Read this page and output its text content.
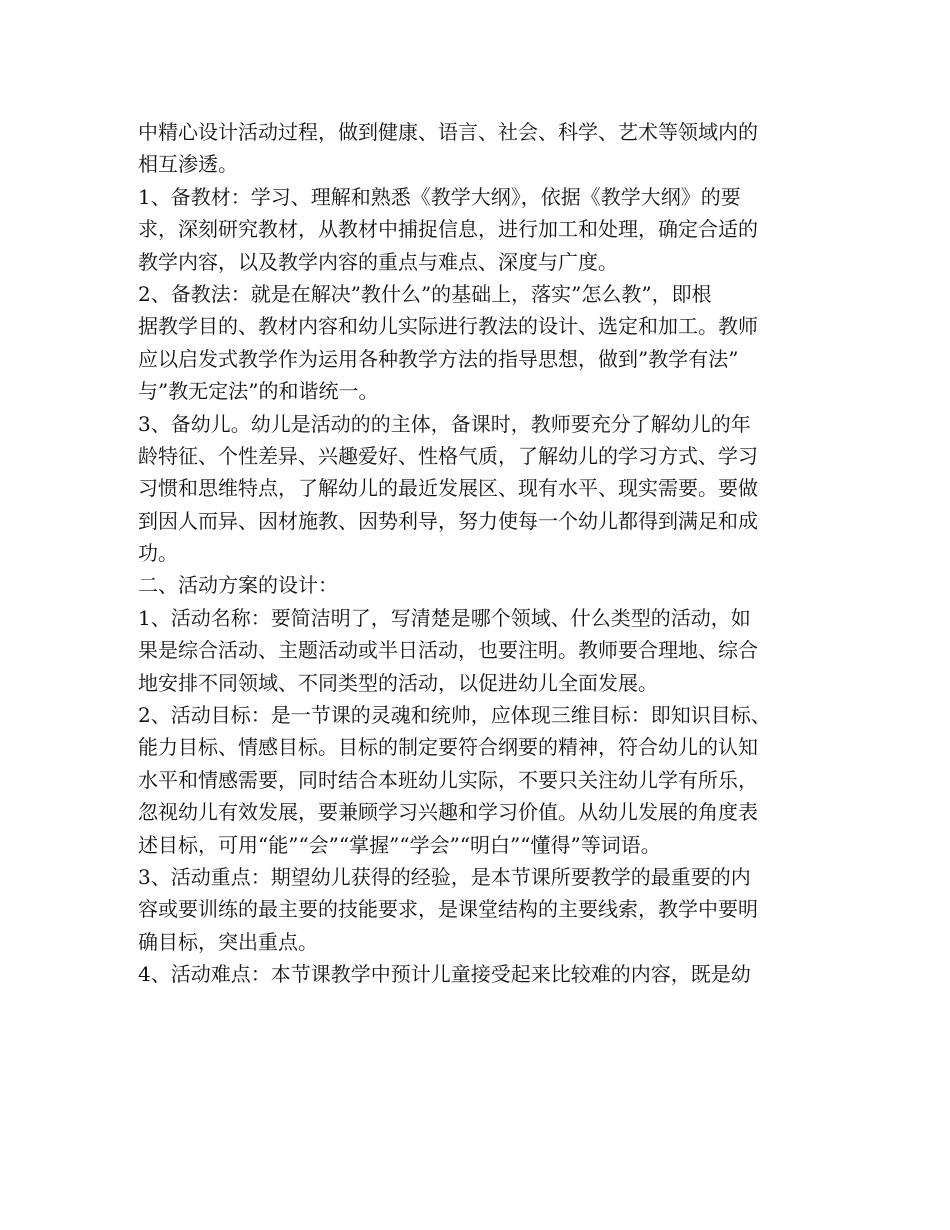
中精心设计活动过程，做到健康、语言、社会、科学、艺术等领域内的
相互渗透。
1、备教材：学习、理解和熟悉《教学大纲》，依据《教学大纲》的要
求，深刻研究教材，从教材中捕捉信息，进行加工和处理，确定合适的
教学内容，以及教学内容的重点与难点、深度与广度。
2、备教法：就是在解决”教什么”的基础上，落实”怎么教”，即根
据教学目的、教材内容和幼儿实际进行教法的设计、选定和加工。教师
应以启发式教学作为运用各种教学方法的指导思想，做到”教学有法”
与”教无定法”的和谐统一。
3、备幼儿。幼儿是活动的的主体，备课时，教师要充分了解幼儿的年
龄特征、个性差异、兴趣爱好、性格气质，了解幼儿的学习方式、学习
习惯和思维特点，了解幼儿的最近发展区、现有水平、现实需要。要做
到因人而异、因材施教、因势利导，努力使每一个幼儿都得到满足和成
功。
二、活动方案的设计：
1、活动名称：要简洁明了，写清楚是哪个领域、什么类型的活动，如
果是综合活动、主题活动或半日活动，也要注明。教师要合理地、综合
地安排不同领域、不同类型的活动，以促进幼儿全面发展。
2、活动目标：是一节课的灵魂和统帅，应体现三维目标：即知识目标、
能力目标、情感目标。目标的制定要符合纲要的精神，符合幼儿的认知
水平和情感需要，同时结合本班幼儿实际，不要只关注幼儿学有所乐，
忽视幼儿有效发展，要兼顾学习兴趣和学习价值。从幼儿发展的角度表
述目标，可用“能”“会”“掌握”“学会”“明白”“懂得”等词语。
3、活动重点：期望幼儿获得的经验，是本节课所要教学的最重要的内
容或要训练的最主要的技能要求，是课堂结构的主要线索，教学中要明
确目标，突出重点。
4、活动难点：本节课教学中预计儿童接受起来比较难的内容，既是幼
